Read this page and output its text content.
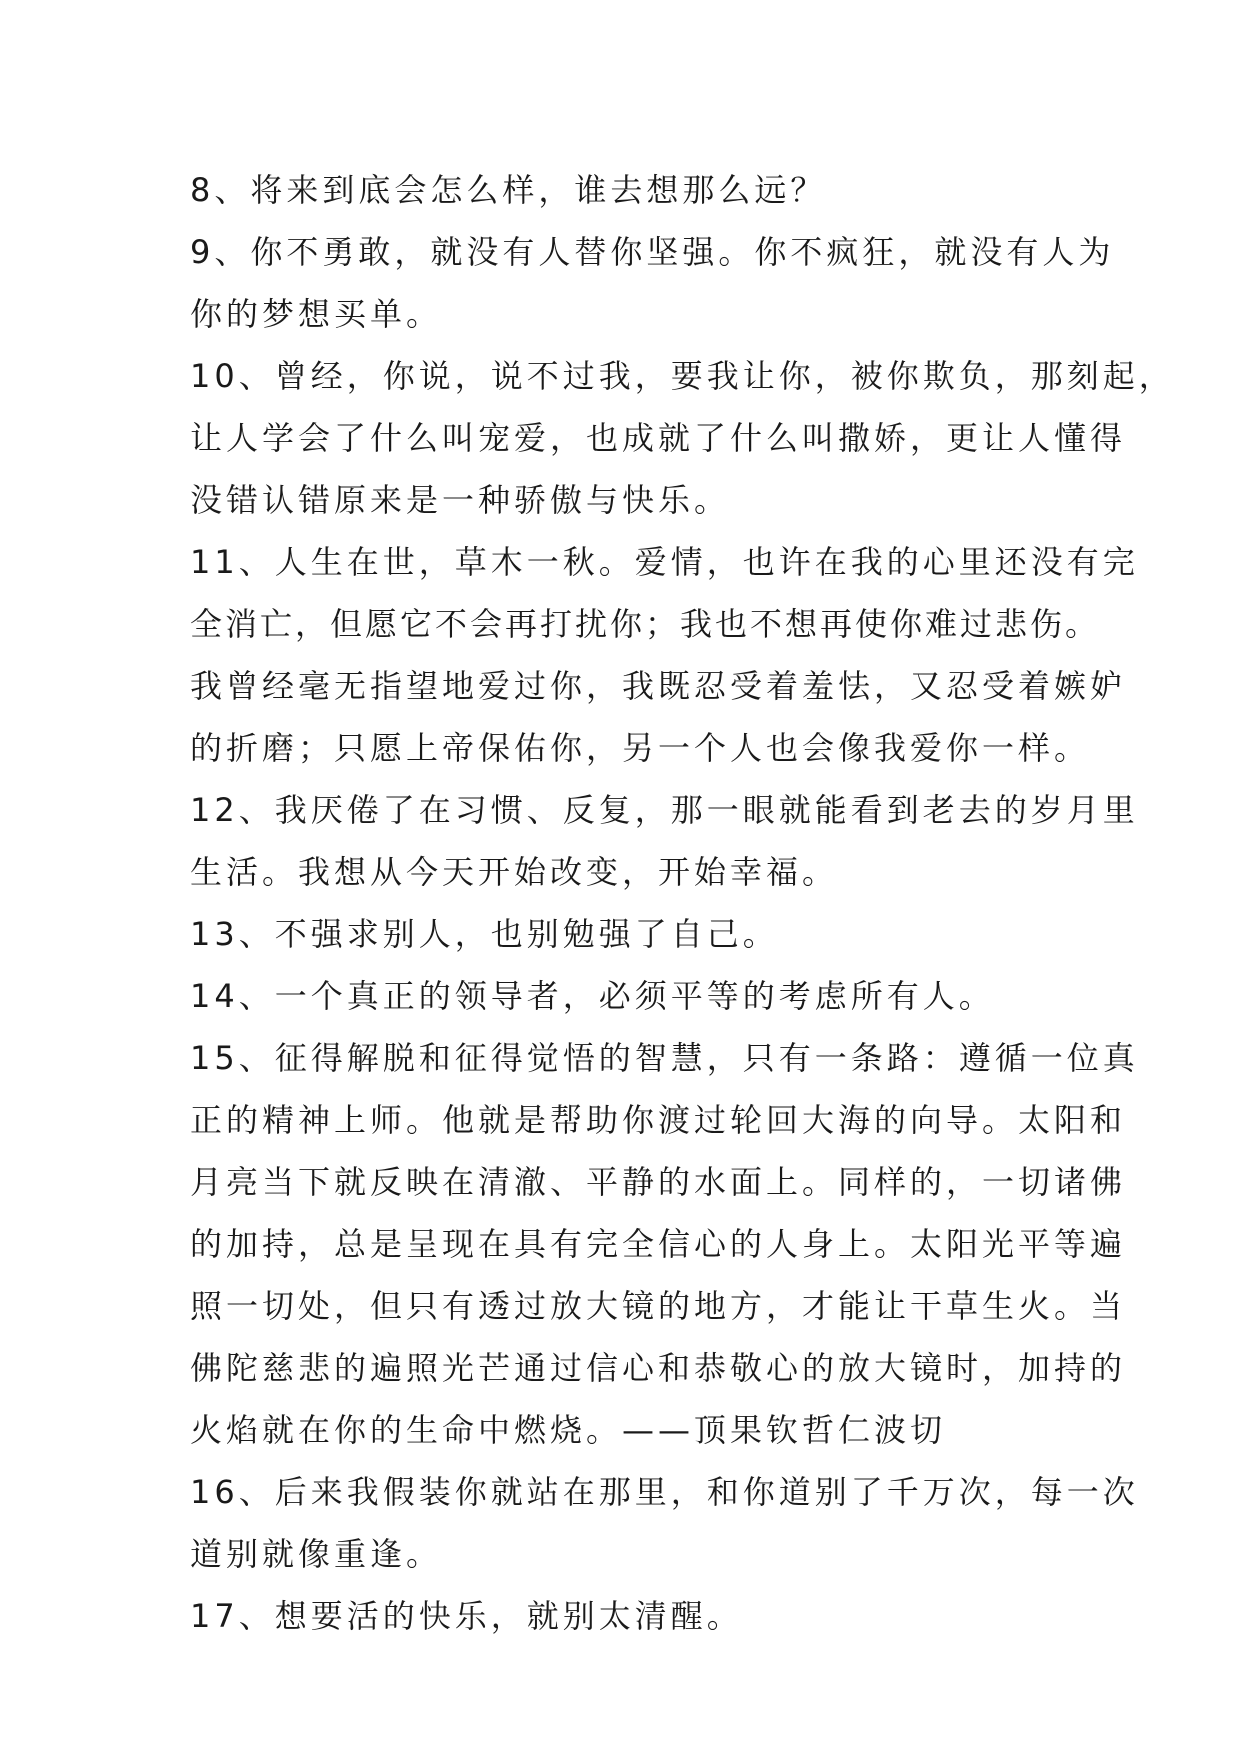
8、将来到底会怎么样，谁去想那么远？
9、你不勇敢，就没有人替你坚强。你不疯狂，就没有人为
你的梦想买单。
10、曾经，你说，说不过我，要我让你，被你欺负，那刻起，
让人学会了什么叫宠爱，也成就了什么叫撒娇，更让人懂得
没错认错原来是一种骄傲与快乐。
11、人生在世，草木一秋。爱情，也许在我的心里还没有完
全消亡，但愿它不会再打扰你；我也不想再使你难过悲伤。
我曾经毫无指望地爱过你，我既忍受着羞怯，又忍受着嫉妒
的折磨；只愿上帝保佑你，另一个人也会像我爱你一样。
12、我厌倦了在习惯、反复，那一眼就能看到老去的岁月里
生活。我想从今天开始改变，开始幸福。
13、不强求别人，也别勉强了自己。
14、一个真正的领导者，必须平等的考虑所有人。
15、征得解脱和征得觉悟的智慧，只有一条路：遵循一位真
正的精神上师。他就是帮助你渡过轮回大海的向导。太阳和
月亮当下就反映在清澈、平静的水面上。同样的，一切诸佛
的加持，总是呈现在具有完全信心的人身上。太阳光平等遍
照一切处，但只有透过放大镜的地方，才能让干草生火。当
佛陀慈悲的遍照光芒通过信心和恭敬心的放大镜时，加持的
火焰就在你的生命中燃烧。——顶果钦哲仁波切
16、后来我假装你就站在那里，和你道别了千万次，每一次
道别就像重逢。
17、想要活的快乐，就别太清醒。
